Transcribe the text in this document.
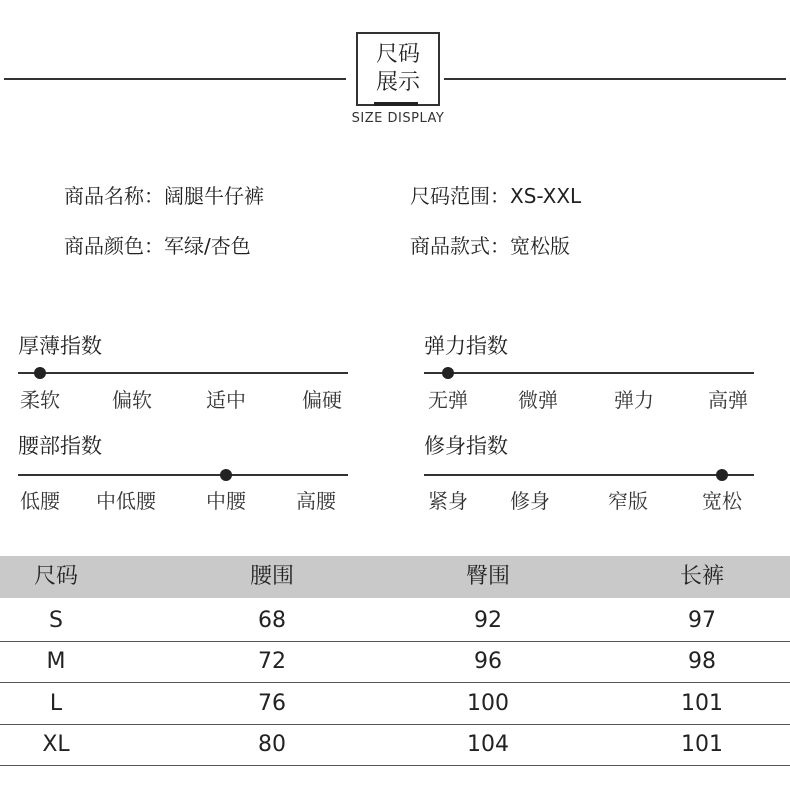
尺码
展示
SIZE DISPLAY
商品名称：阔腿牛仔裤	尺码范围：XS-XXL
商品颜色：军绿/杏色	商品款式：宽松版
厚薄指数
柔软	偏软	适中	偏硬
弹力指数
无弹	微弹	弹力	高弹
腰部指数
低腰 中低腰	中腰	高腰
修身指数
紧身 修身	窄版	宽松
尺码	腰围	臀围	长裤
S	68	92	97
M	72	96	98
L	76	100	101
XL	80	104	101
